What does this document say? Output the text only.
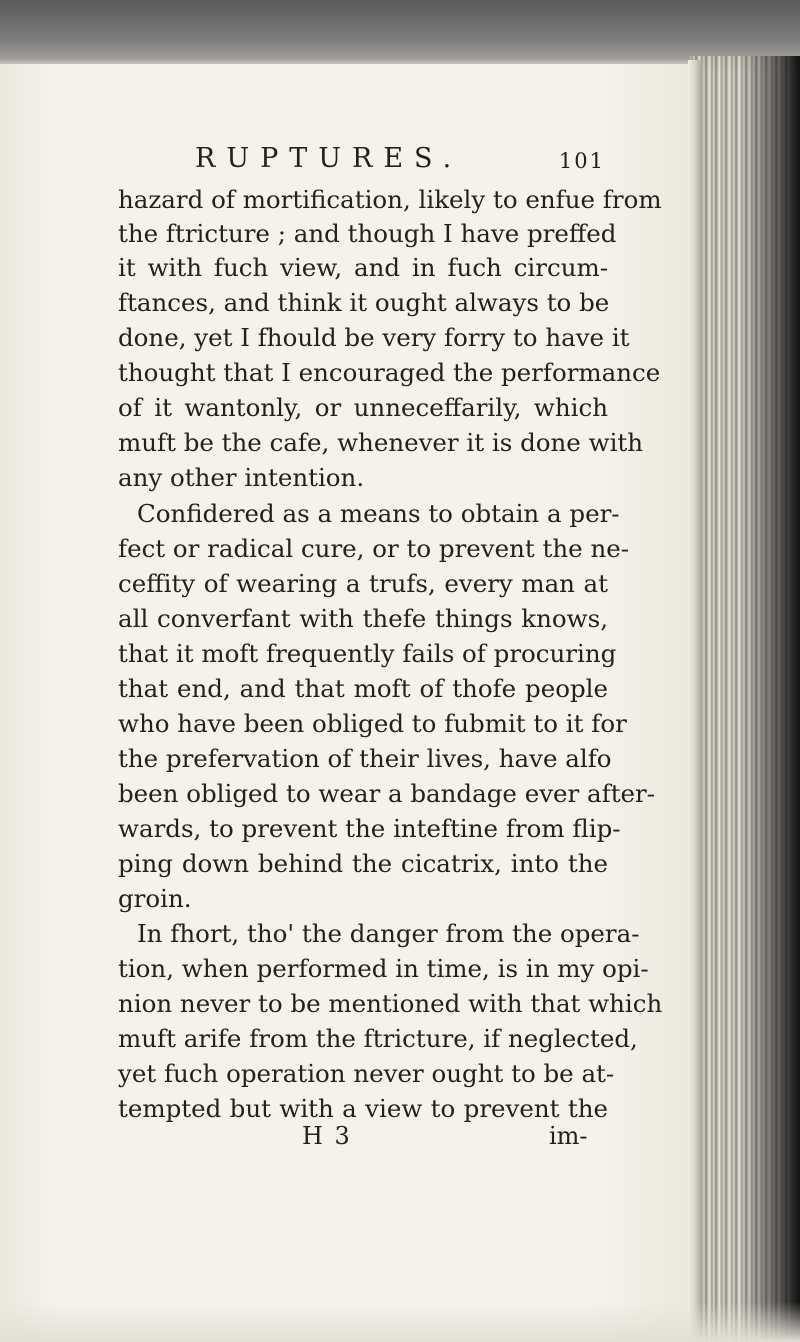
RUPTURES.	101
hazard of mortification, likely to enfue from
the ftricture ; and though I have preffed
it with fuch view, and in fuch circum-
ftances, and think it ought always to be
done, yet I fhould be very forry to have it
thought that I encouraged the performance
of it wantonly, or unneceffarily, which
muft be the cafe, whenever it is done with
any other intention.
Confidered as a means to obtain a per-
fect or radical cure, or to prevent the ne-
ceffity of wearing a trufs, every man at
all converfant with thefe things knows,
that it moft frequently fails of procuring
that end, and that moft of thofe people
who have been obliged to fubmit to it for
the prefervation of their lives, have alfo
been obliged to wear a bandage ever after-
wards, to prevent the inteftine from flip-
ping down behind the cicatrix, into the
groin.
In fhort, tho' the danger from the opera-
tion, when performed in time, is in my opi-
nion never to be mentioned with that which
muft arife from the ftricture, if neglected,
yet fuch operation never ought to be at-
tempted but with a view to prevent the
H 3	im-
